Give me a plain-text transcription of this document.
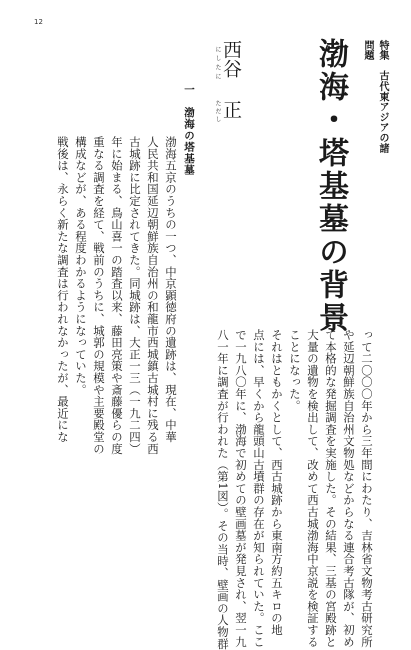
12
特集　古代東アジアの諸問題
渤海・塔基墓の背景
にしたに 西谷
ただし 正
一　渤海の塔基墓
渤海五京のうちの一つ、中京顕徳府の遺跡は、現在、中華
人民共和国延辺朝鮮族自治州の和龍市西城鎮古城村に残る西
古城跡に比定されてきた。同城跡は、大正一三（一九二四）
年に始まる、鳥山喜一の踏査以来、藤田亮策や斎藤優らの度
重なる調査を経て、戦前のうちに、城郭の規模や主要殿堂の
構成などが、ある程度わかるようになっていた。
戦後は、永らく新たな調査は行われなかったが、最近にな
って二〇〇〇年から三年間にわたり、吉林省文物考古研究所
や延辺朝鮮族自治州文物処などからなる連合考古隊が、初め
て本格的な発掘調査を実施した。その結果、三基の宮殿跡と
大量の遺物を検出して、改めて西古城渤海中京説を検証する
ことになった。
それはともかくとして、西古城跡から東南方約五キロの地
点には、早くから龍頭山古墳群の存在が知られていた。ここ
で一九八〇年に、渤海で初めての壁画墓が発見され、翌一九
八一年に調査が行われた（第1図）。その当時、壁画の人物群
